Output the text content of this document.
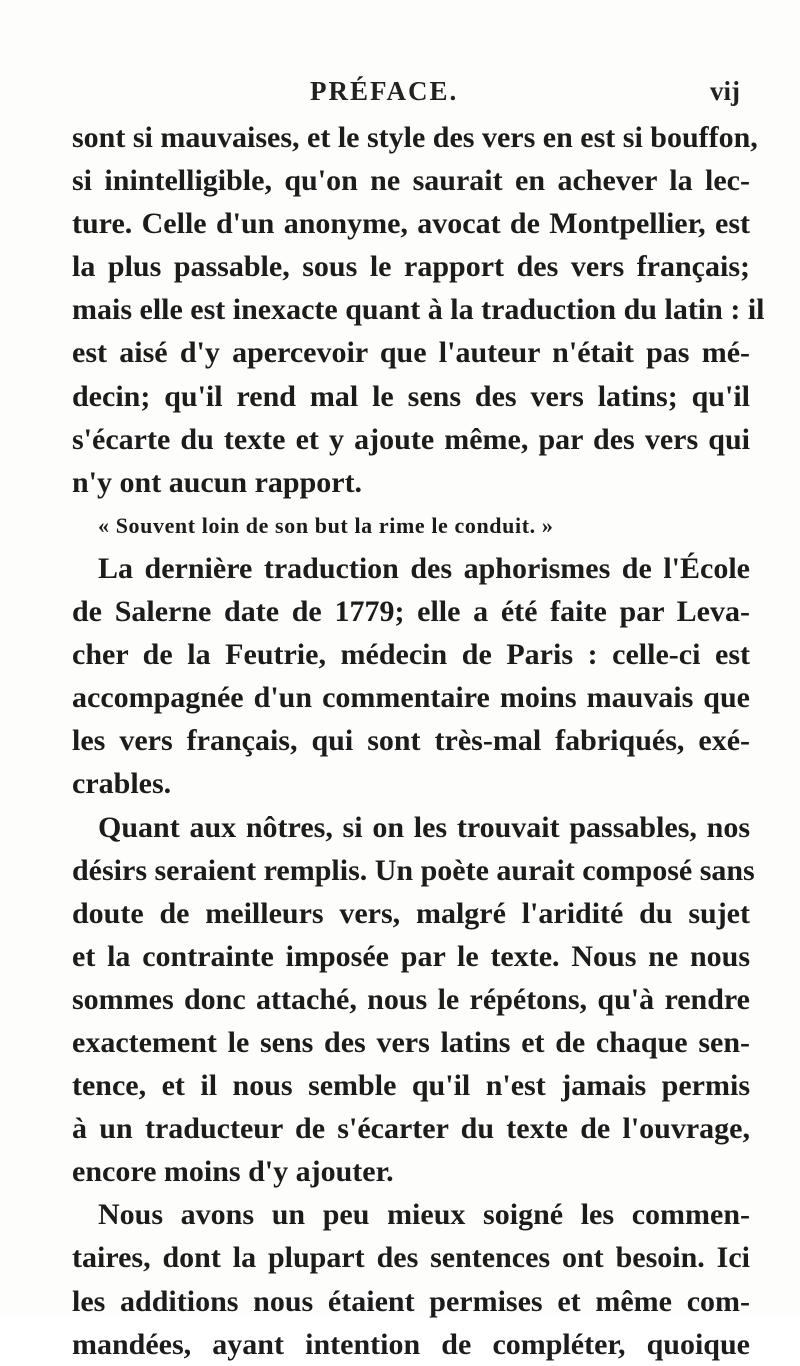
PRÉFACE.	vij
sont si mauvaises, et le style des vers en est si bouffon,
si inintelligible, qu'on ne saurait en achever la lec-
ture. Celle d'un anonyme, avocat de Montpellier, est
la plus passable, sous le rapport des vers français;
mais elle est inexacte quant à la traduction du latin : il
est aisé d'y apercevoir que l'auteur n'était pas mé-
decin; qu'il rend mal le sens des vers latins; qu'il
s'écarte du texte et y ajoute même, par des vers qui
n'y ont aucun rapport.
« Souvent loin de son but la rime le conduit. »
La dernière traduction des aphorismes de l'École
de Salerne date de 1779; elle a été faite par Leva-
cher de la Feutrie, médecin de Paris : celle-ci est
accompagnée d'un commentaire moins mauvais que
les vers français, qui sont très-mal fabriqués, exé-
crables.
Quant aux nôtres, si on les trouvait passables, nos
désirs seraient remplis. Un poète aurait composé sans
doute de meilleurs vers, malgré l'aridité du sujet
et la contrainte imposée par le texte. Nous ne nous
sommes donc attaché, nous le répétons, qu'à rendre
exactement le sens des vers latins et de chaque sen-
tence, et il nous semble qu'il n'est jamais permis
à un traducteur de s'écarter du texte de l'ouvrage,
encore moins d'y ajouter.
Nous avons un peu mieux soigné les commen-
taires, dont la plupart des sentences ont besoin. Ici
les additions nous étaient permises et même com-
mandées, ayant intention de compléter, quoique
